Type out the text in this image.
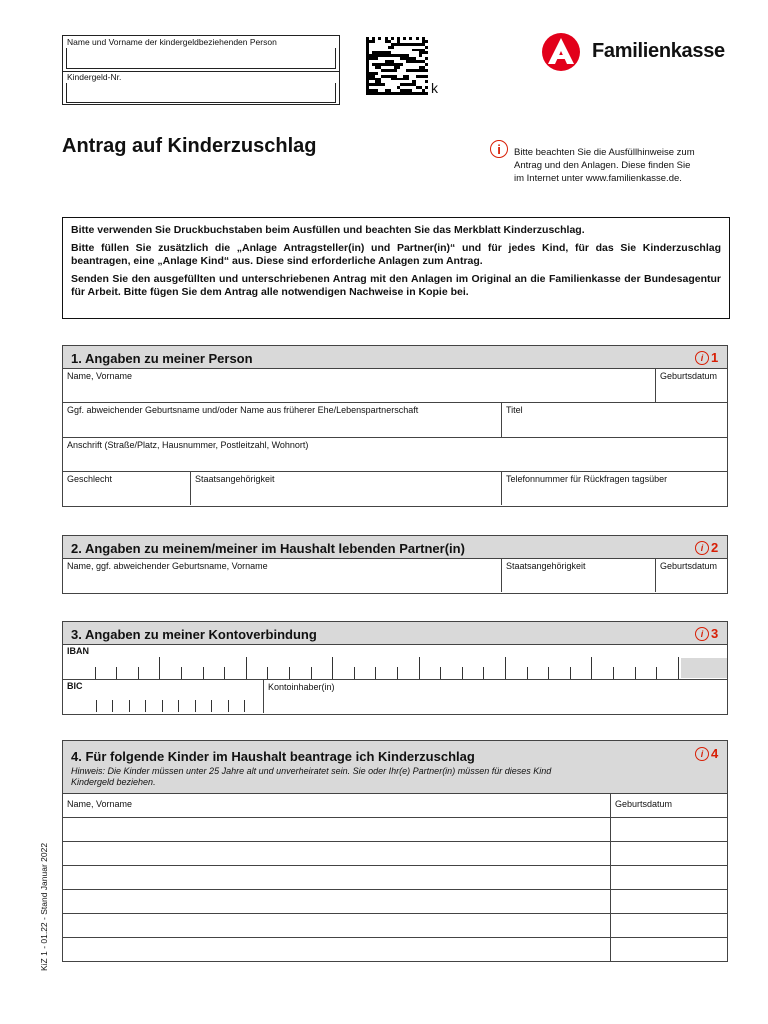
Name und Vorname der kindergeldbeziehenden Person
Kindergeld-Nr.
k
Familienkasse
Antrag auf Kinderzuschlag	i	Bitte beachten Sie die Ausfüllhinweise zum
Antrag und den Anlagen. Diese finden Sie
im Internet unter www.familienkasse.de.

Bitte verwenden Sie Druckbuchstaben beim Ausfüllen und beachten Sie das Merkblatt Kinderzuschlag.

Bitte füllen Sie zusätzlich die „Anlage Antragsteller(in) und Partner(in)“ und für jedes Kind, für das Sie Kinderzuschlag beantragen, eine „Anlage Kind“ aus. Diese sind erforderliche Anlagen zum Antrag.

Senden Sie den ausgefüllten und unterschriebenen Antrag mit den Anlagen im Original an die Familienkasse der Bundesagentur für Arbeit. Bitte fügen Sie dem Antrag alle notwendigen Nachweise in Kopie bei.

1. Angaben zu meiner Person	i 1
Name, Vorname	Geburtsdatum
Ggf. abweichender Geburtsname und/oder Name aus früherer Ehe/Lebenspartnerschaft	Titel
Anschrift (Straße/Platz, Hausnummer, Postleitzahl, Wohnort)
Geschlecht	Staatsangehörigkeit	Telefonnummer für Rückfragen tagsüber
2. Angaben zu meinem/meiner im Haushalt lebenden Partner(in)	i 2
Name, ggf. abweichender Geburtsname, Vorname	Staatsangehörigkeit	Geburtsdatum
3. Angaben zu meiner Kontoverbindung	i 3
IBAN
BIC	Kontoinhaber(in)
4. Für folgende Kinder im Haushalt beantrage ich Kinderzuschlag
Hinweis: Die Kinder müssen unter 25 Jahre alt und unverheiratet sein. Sie oder Ihr(e) Partner(in) müssen für dieses Kind
Kindergeld beziehen.
i 4
Name, Vorname	Geburtsdatum
KiZ 1 - 01.22 - Stand Januar 2022
